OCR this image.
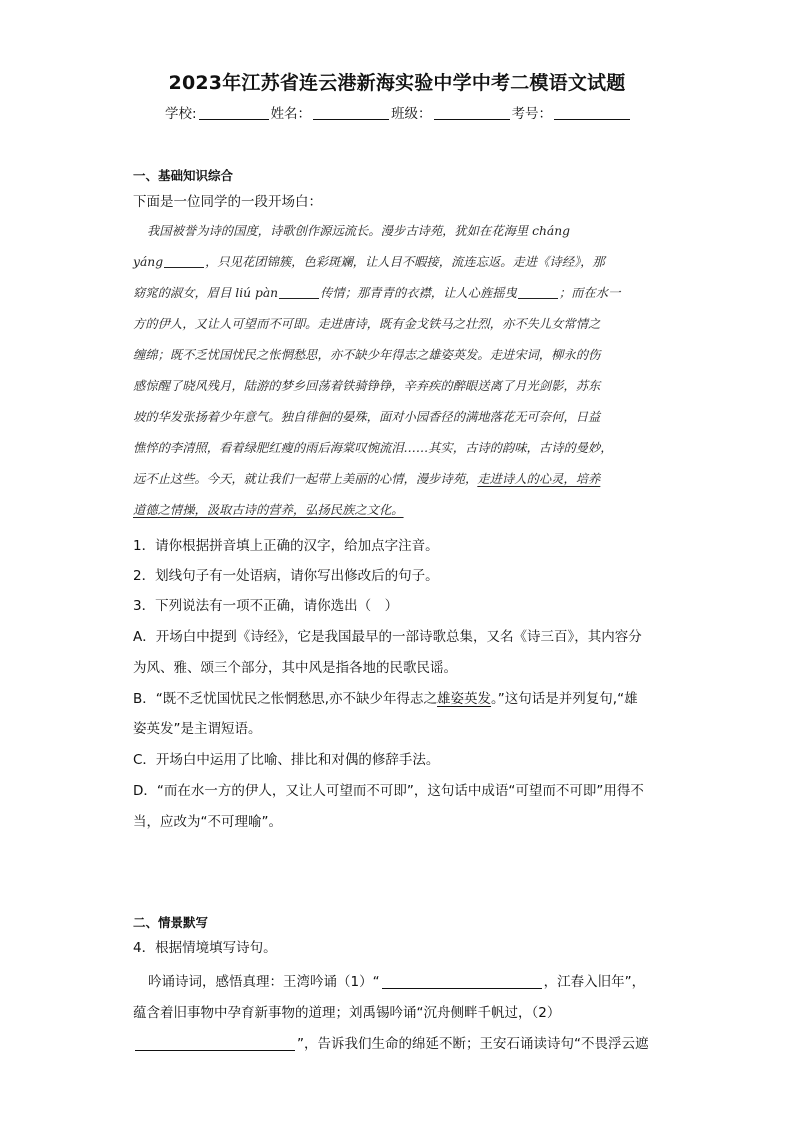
2023年江苏省连云港新海实验中学中考二模语文试题
学校:	姓名：	班级：	考号：
一、基础知识综合
下面是一位同学的一段开场白：
我国被誉为诗的国度，诗歌创作源远流长。漫步古诗苑，犹如在花海里 cháng
yáng	，只见花团锦簇，色彩斑斓，让人目不暇接，流连忘返。走进《诗经》，那
窈窕的淑女，眉目 liú pàn	传情；那青青的衣襟，让人心旌摇曳	；而在水一
方的伊人，又让人可望而不可即。走进唐诗，既有金戈铁马之壮烈，亦不失儿女常情之
缠绵；既不乏忧国忧民之怅惘愁思，亦不缺少年得志之雄姿英发。走进宋词，柳永的伤
感惊醒了晓风残月，陆游的梦乡回荡着铁骑铮铮，辛弃疾的醉眼送离了月光剑影，苏东
坡的华发张扬着少年意气。独自徘徊的晏殊，面对小园香径的满地落花无可奈何，日益
憔悴的李清照，看着绿肥红瘦的雨后海棠叹惋流泪……其实，古诗的韵味，古诗的曼妙，
远不止这些。今天，就让我们一起带上美丽的心情，漫步诗苑，走进诗人的心灵，培养
道德之情操，汲取古诗的营养，弘扬民族之文化。
1．请你根据拼音填上正确的汉字，给加点字注音。
2．划线句子有一处语病，请你写出修改后的句子。
3．下列说法有一项不正确，请你选出（　）
A．开场白中提到《诗经》，它是我国最早的一部诗歌总集，又名《诗三百》，其内容分
为风、雅、颂三个部分，其中风是指各地的民歌民谣。
B．“既不乏忧国忧民之怅惘愁思,亦不缺少年得志之雄姿英发。”这句话是并列复句,“雄
姿英发”是主谓短语。
C．开场白中运用了比喻、排比和对偶的修辞手法。
D．“而在水一方的伊人，又让人可望而不可即”，这句话中成语“可望而不可即”用得不
当，应改为“不可理喻”。
二、情景默写
4．根据情境填写诗句。
吟诵诗词，感悟真理：王湾吟诵（1）“	，江春入旧年”，
蕴含着旧事物中孕育新事物的道理；刘禹锡吟诵“沉舟侧畔千帆过，（2）
”，告诉我们生命的绵延不断；王安石诵读诗句“不畏浮云遮
